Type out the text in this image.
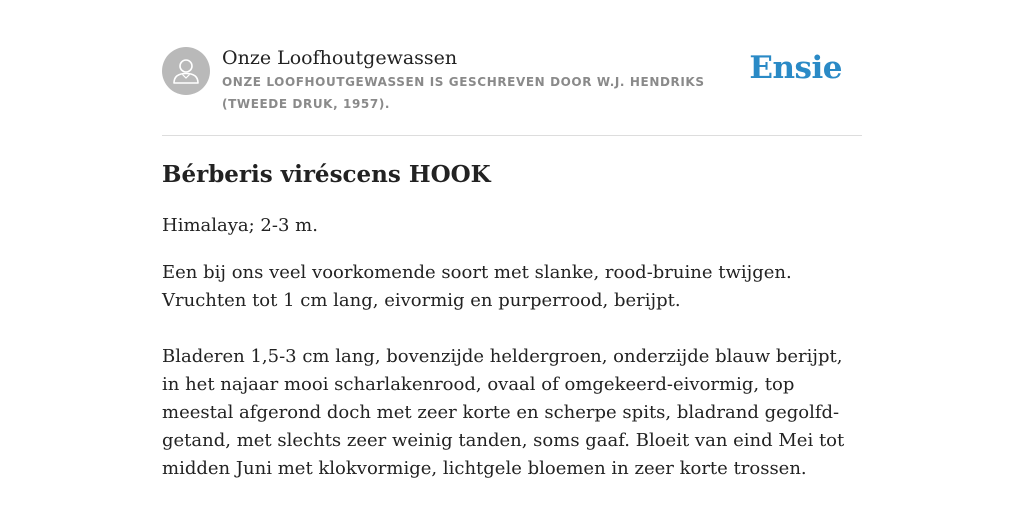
Onze Loofhoutgewassen
ONZE LOOFHOUTGEWASSEN IS GESCHREVEN DOOR W.J. HENDRIKS (TWEEDE DRUK, 1957).
Ensie
Bérberis viréscens HOOK

Himalaya; 2-3 m.

Een bij ons veel voorkomende soort met slanke, rood-bruine twijgen. Vruchten tot 1 cm lang, eivormig en purperrood, berijpt.

Bladeren 1,5-3 cm lang, bovenzijde heldergroen, onderzijde blauw berijpt, in het najaar mooi scharlakenrood, ovaal of omgekeerd-eivormig, top meestal afgerond doch met zeer korte en scherpe spits, bladrand gegolfd-getand, met slechts zeer weinig tanden, soms gaaf. Bloeit van eind Mei tot midden Juni met klokvormige, lichtgele bloemen in zeer korte trossen.
